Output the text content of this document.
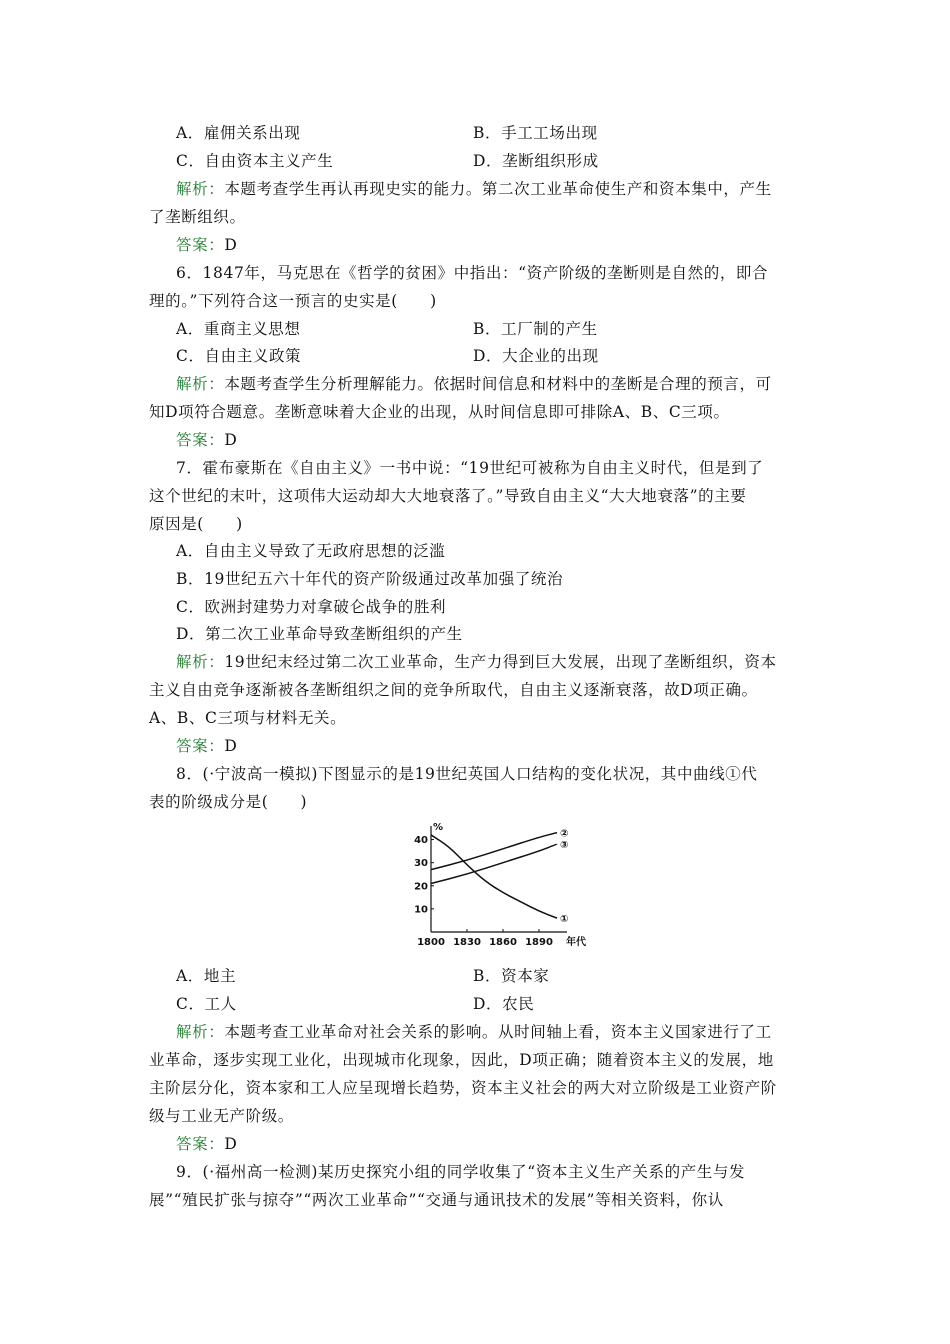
A．雇佣关系出现	B．手工工场出现
C．自由资本主义产生	D．垄断组织形成
解析：本题考查学生再认再现史实的能力。第二次工业革命使生产和资本集中，产生
了垄断组织。
答案：D
6．1847年，马克思在《哲学的贫困》中指出：“资产阶级的垄断则是自然的，即合
理的。”下列符合这一预言的史实是(　　)
A．重商主义思想	B．工厂制的产生
C．自由主义政策	D．大企业的出现
解析：本题考查学生分析理解能力。依据时间信息和材料中的垄断是合理的预言，可
知D项符合题意。垄断意味着大企业的出现，从时间信息即可排除A、B、C三项。
答案：D
7．霍布豪斯在《自由主义》一书中说：“19世纪可被称为自由主义时代，但是到了
这个世纪的末叶，这项伟大运动却大大地衰落了。”导致自由主义“大大地衰落”的主要
原因是(　　)
A．自由主义导致了无政府思想的泛滥
B．19世纪五六十年代的资产阶级通过改革加强了统治
C．欧洲封建势力对拿破仑战争的胜利
D．第二次工业革命导致垄断组织的产生
解析：19世纪末经过第二次工业革命，生产力得到巨大发展，出现了垄断组织，资本
主义自由竞争逐渐被各垄断组织之间的竞争所取代，自由主义逐渐衰落，故D项正确。
A、B、C三项与材料无关。
答案：D
8．(·宁波高一模拟)下图显示的是19世纪英国人口结构的变化状况，其中曲线①代
表的阶级成分是(　　)
10
20
30
40
1800 1830 1860 1890
%
年代
①
②
③
A．地主	B．资本家
C．工人	D．农民
解析：本题考查工业革命对社会关系的影响。从时间轴上看，资本主义国家进行了工
业革命，逐步实现工业化，出现城市化现象，因此，D项正确；随着资本主义的发展，地
主阶层分化，资本家和工人应呈现增长趋势，资本主义社会的两大对立阶级是工业资产阶
级与工业无产阶级。
答案：D
9．(·福州高一检测)某历史探究小组的同学收集了“资本主义生产关系的产生与发
展”“殖民扩张与掠夺”“两次工业革命”“交通与通讯技术的发展”等相关资料，你认
